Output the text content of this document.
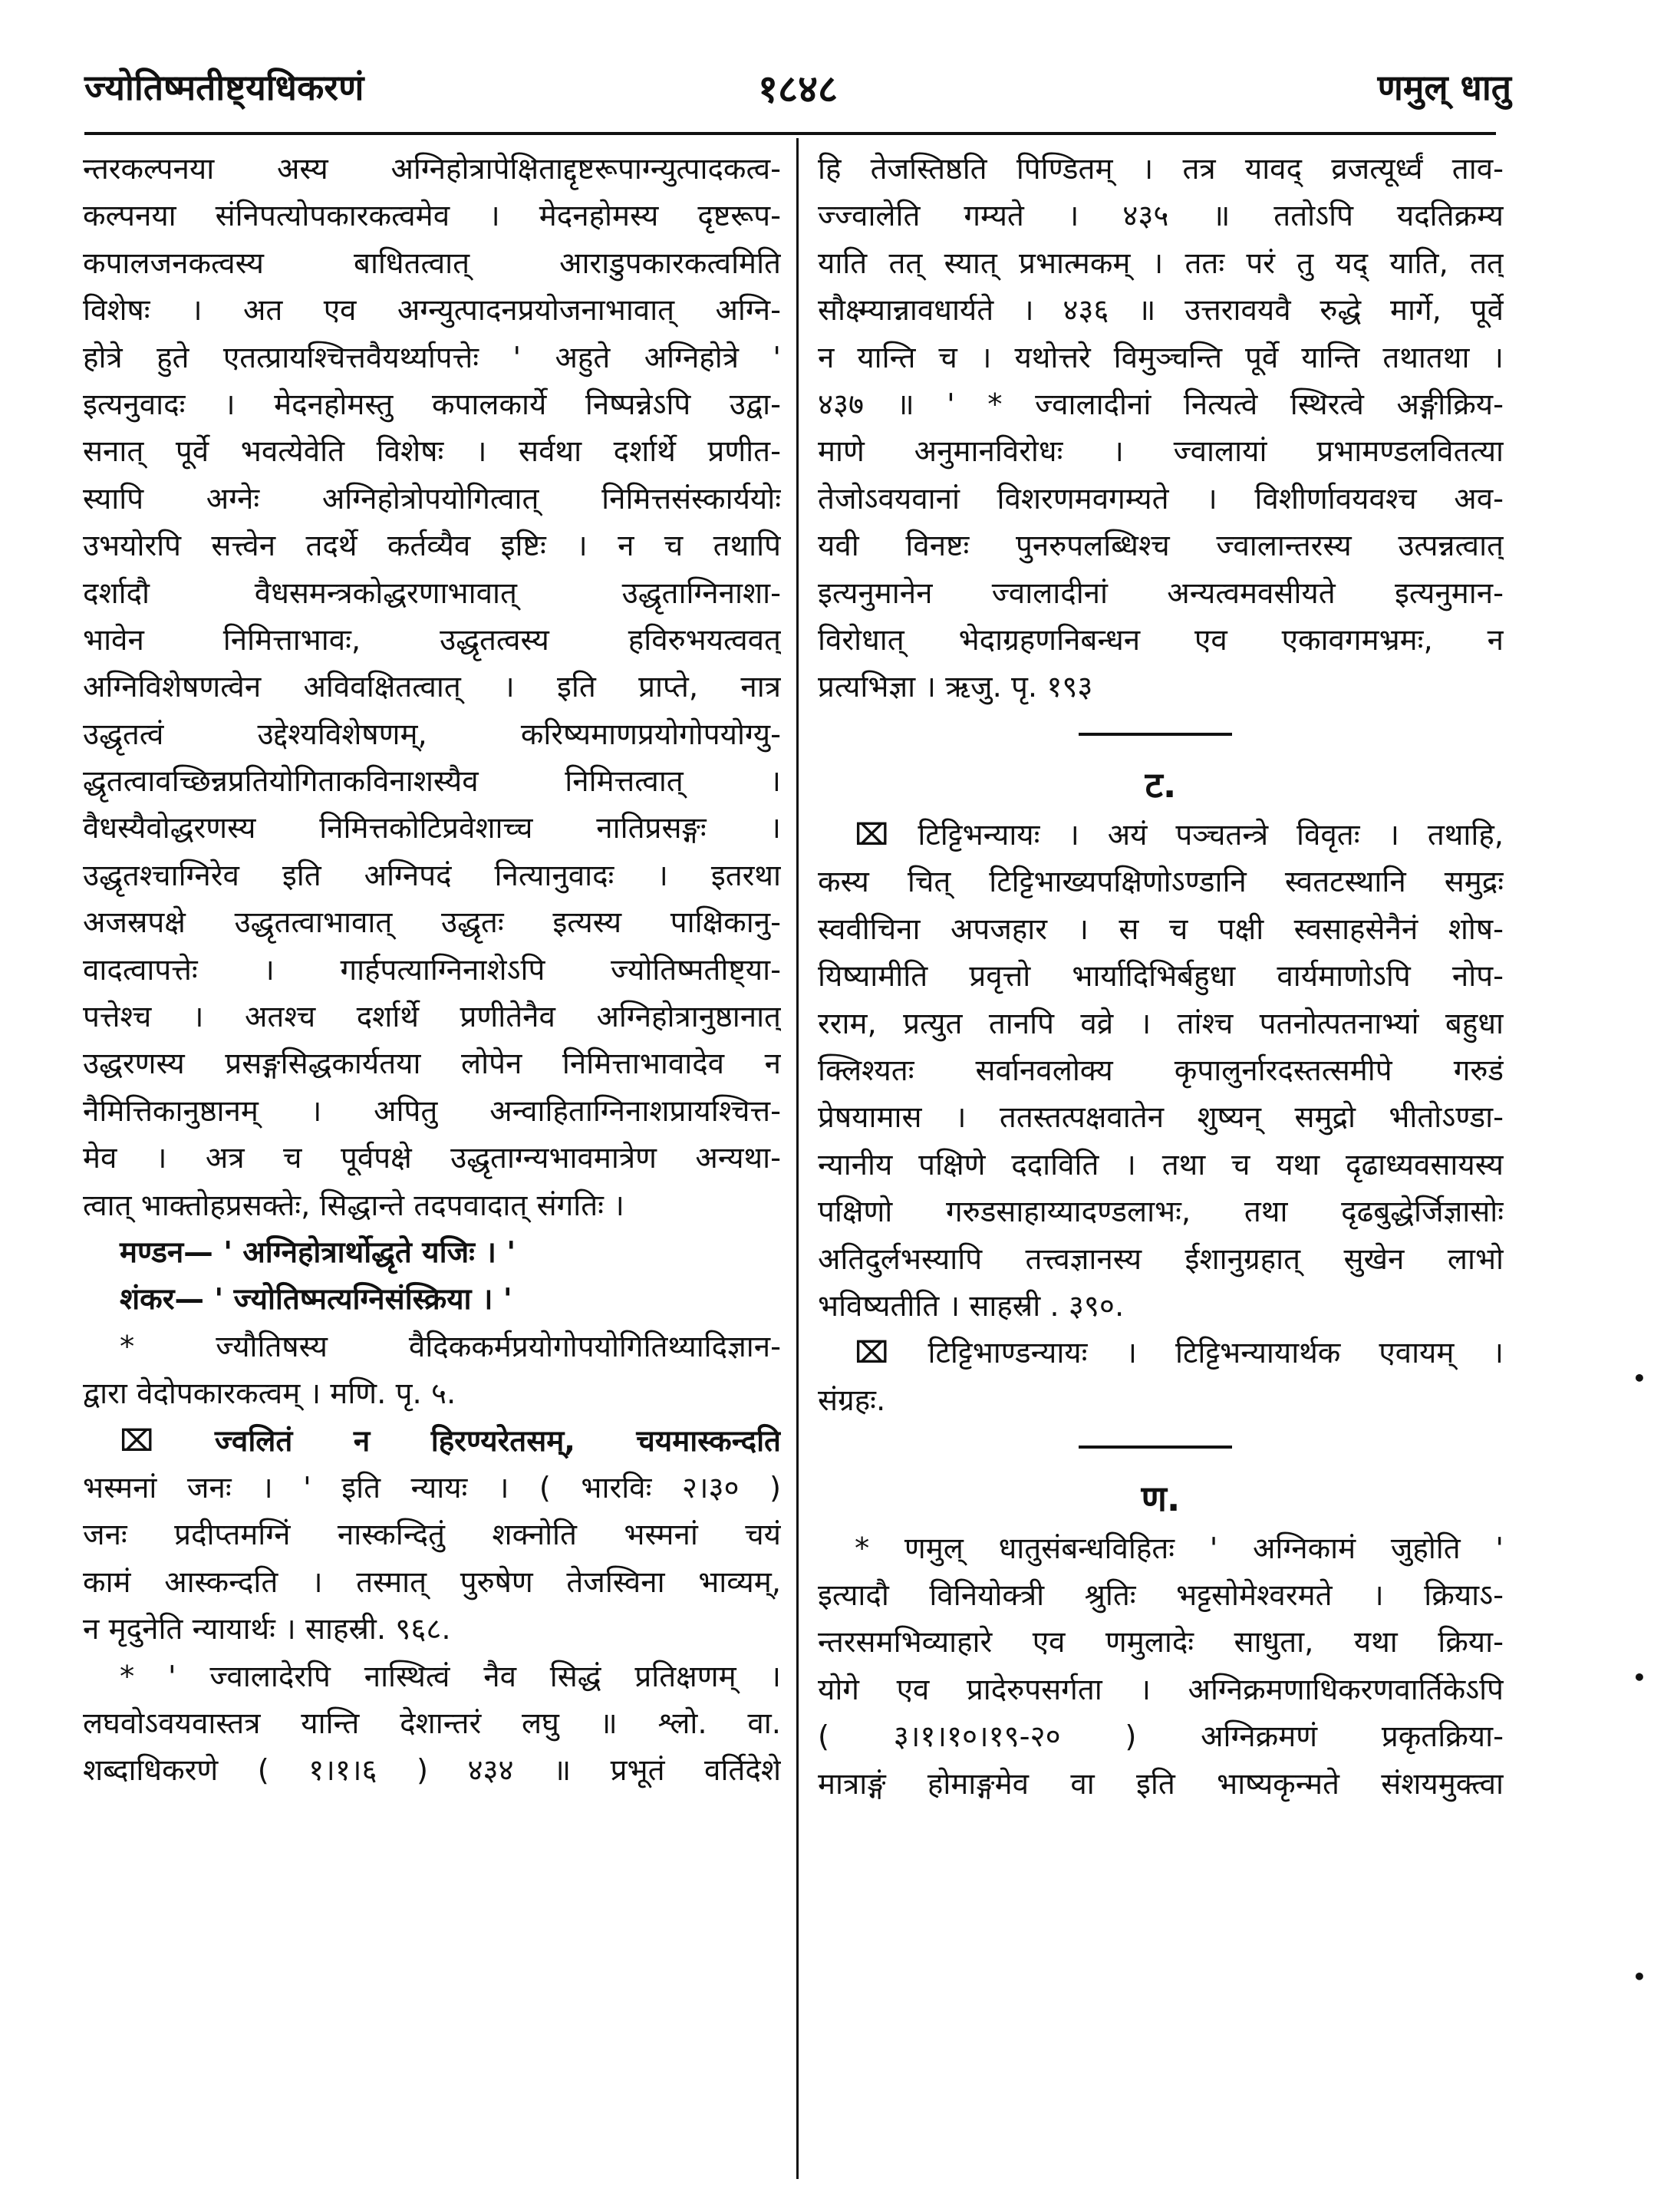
ज्योतिष्मतीष्ट्यधिकरणं	१८४८	णमुल् धातु
न्तरकल्पनया अस्य अग्निहोत्रापेक्षिताद्दृष्टरूपाग्न्युत्पादकत्व-
कल्पनया संनिपत्योपकारकत्वमेव । मेदनहोमस्य दृष्टरूप-
कपालजनकत्वस्य बाधितत्वात् आराडुपकारकत्वमिति
विशेषः । अत एव अग्न्युत्पादनप्रयोजनाभावात् अग्नि-
होत्रे हुते एतत्प्रायश्चित्तवैयर्थ्यापत्तेः ' अहुते अग्निहोत्रे '
इत्यनुवादः । मेदनहोमस्तु कपालकार्ये निष्पन्नेऽपि उद्वा-
सनात् पूर्वे भवत्येवेति विशेषः । सर्वथा दर्शार्थे प्रणीत-
स्यापि अग्नेः अग्निहोत्रोपयोगित्वात् निमित्तसंस्कार्ययोः
उभयोरपि सत्त्वेन तदर्थे कर्तव्यैव इष्टिः । न च तथापि
दर्शादौ वैधसमन्त्रकोद्धरणाभावात् उद्धृताग्निनाशा-
भावेन निमित्ताभावः, उद्धृतत्वस्य हविरुभयत्ववत्
अग्निविशेषणत्वेन अविवक्षितत्वात् । इति प्राप्ते, नात्र
उद्धृतत्वं उद्देश्यविशेषणम्, करिष्यमाणप्रयोगोपयोग्यु-
द्धृतत्वावच्छिन्नप्रतियोगिताकविनाशस्यैव निमित्तत्वात् ।
वैधस्यैवोद्धरणस्य निमित्तकोटिप्रवेशाच्च नातिप्रसङ्गः ।
उद्धृतश्चाग्निरेव इति अग्निपदं नित्यानुवादः । इतरथा
अजस्रपक्षे उद्धृतत्वाभावात् उद्धृतः इत्यस्य पाक्षिकानु-
वादत्वापत्तेः । गार्हपत्याग्निनाशेऽपि ज्योतिष्मतीष्ट्या-
पत्तेश्च । अतश्च दर्शार्थे प्रणीतेनैव अग्निहोत्रानुष्ठानात्
उद्धरणस्य प्रसङ्गसिद्धकार्यतया लोपेन निमित्ताभावादेव न
नैमित्तिकानुष्ठानम् । अपितु अन्वाहिताग्निनाशप्रायश्चित्त-
मेव । अत्र च पूर्वपक्षे उद्धृताग्न्यभावमात्रेण अन्यथा-
त्वात् भाक्तोहप्रसक्तेः, सिद्धान्ते तदपवादात् संगतिः ।
मण्डन— ' अग्निहोत्रार्थोद्धृते यजिः । '
शंकर— ' ज्योतिष्मत्यग्निसंस्क्रिया । '
* ज्यौतिषस्य वैदिककर्मप्रयोगोपयोगितिथ्यादिज्ञान-
द्वारा वेदोपकारकत्वम् । मणि. पृ. ५.
⌧ ज्वलितं न हिरण्यरेतसम्, चयमास्कन्दति
भस्मनां जनः । ' इति न्यायः । ( भारविः २।३० )
जनः प्रदीप्तमग्निं नास्कन्दितुं शक्नोति भस्मनां चयं
कामं आस्कन्दति । तस्मात् पुरुषेण तेजस्विना भाव्यम्,
न मृदुनेति न्यायार्थः । साहस्री. ९६८.
* ' ज्वालादेरपि नास्थित्वं नैव सिद्धं प्रतिक्षणम् ।
लघवोऽवयवास्तत्र यान्ति देशान्तरं लघु ॥ श्लो. वा.
शब्दाधिकरणे ( १।१।६ ) ४३४ ॥ प्रभूतं वर्तिदेशे
हि तेजस्तिष्ठति पिण्डितम् । तत्र यावद् व्रजत्यूर्ध्वं ताव-
ज्ज्वालेति गम्यते । ४३५ ॥ ततोऽपि यदतिक्रम्य
याति तत् स्यात् प्रभात्मकम् । ततः परं तु यद् याति, तत्
सौक्ष्म्यान्नावधार्यते । ४३६ ॥ उत्तरावयवै रुद्धे मार्गे, पूर्वे
न यान्ति च । यथोत्तरे विमुञ्चन्ति पूर्वे यान्ति तथातथा ।
४३७ ॥ ' * ज्वालादीनां नित्यत्वे स्थिरत्वे अङ्गीक्रिय-
माणे अनुमानविरोधः । ज्वालायां प्रभामण्डलवितत्या
तेजोऽवयवानां विशरणमवगम्यते । विशीर्णावयवश्च अव-
यवी विनष्टः पुनरुपलब्धिश्च ज्वालान्तरस्य उत्पन्नत्वात्
इत्यनुमानेन ज्वालादीनां अन्यत्वमवसीयते इत्यनुमान-
विरोधात् भेदाग्रहणनिबन्धन एव एकावगमभ्रमः, न
प्रत्यभिज्ञा । ऋजु. पृ. १९३
ट.
⌧ टिट्टिभन्यायः । अयं पञ्चतन्त्रे विवृतः । तथाहि,
कस्य चित् टिट्टिभाख्यपक्षिणोऽण्डानि स्वतटस्थानि समुद्रः
स्ववीचिना अपजहार । स च पक्षी स्वसाहसेनैनं शोष-
यिष्यामीति प्रवृत्तो भार्यादिभिर्बहुधा वार्यमाणोऽपि नोप-
रराम, प्रत्युत तानपि वव्रे । तांश्च पतनोत्पतनाभ्यां बहुधा
क्लिश्यतः सर्वानवलोक्य कृपालुर्नारदस्तत्समीपे गरुडं
प्रेषयामास । ततस्तत्पक्षवातेन शुष्यन् समुद्रो भीतोऽण्डा-
न्यानीय पक्षिणे ददाविति । तथा च यथा दृढाध्यवसायस्य
पक्षिणो गरुडसाहाय्यादण्डलाभः, तथा दृढबुद्धेर्जिज्ञासोः
अतिदुर्लभस्यापि तत्त्वज्ञानस्य ईशानुग्रहात् सुखेन लाभो
भविष्यतीति । साहस्री . ३९०.
⌧ टिट्टिभाण्डन्यायः । टिट्टिभन्यायार्थक एवायम् ।
संग्रहः.
ण.
* णमुल् धातुसंबन्धविहितः ' अग्निकामं जुहोति '
इत्यादौ विनियोक्त्री श्रुतिः भट्टसोमेश्वरमते । क्रियाऽ-
न्तरसमभिव्याहारे एव णमुलादेः साधुता, यथा क्रिया-
योगे एव प्रादेरुपसर्गता । अग्निक्रमणाधिकरणवार्तिकेऽपि
( ३।१।१०।१९-२० ) अग्निक्रमणं प्रकृतक्रिया-
मात्राङ्गं होमाङ्गमेव वा इति भाष्यकृन्मते संशयमुक्त्वा
•
•
•
